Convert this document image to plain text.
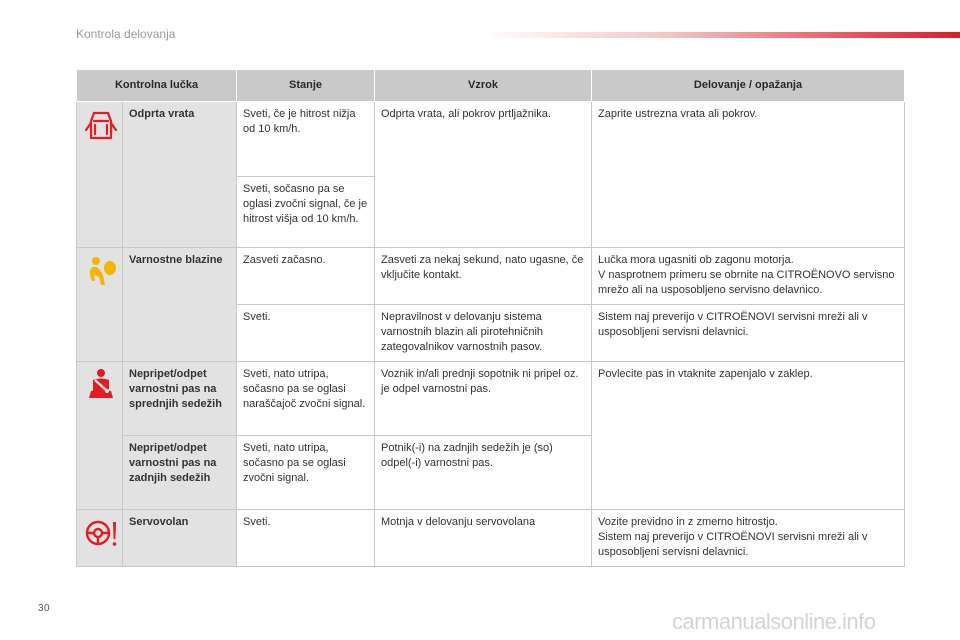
Kontrola delovanja
Kontrolna lučka		Stanje	Vzrok	Delovanje / opažanja
	Odprta vrata	Sveti, če je hitrost nižja od 10 km/h.	Odprta vrata, ali pokrov prtljažnika.	Zaprite ustrezna vrata ali pokrov.
		Sveti, sočasno pa se oglasi zvočni signal, če je hitrost višja od 10 km/h.		
	Varnostne blazine	Zasveti začasno.	Zasveti za nekaj sekund, nato ugasne, če vključite kontakt.	Lučka mora ugasniti ob zagonu motorja.
V nasprotnem primeru se obrnite na CITROËNOVO servisno mrežo ali na usposobljeno servisno delavnico.

		Sveti.	Nepravilnost v delovanju sistema varnostnih blazin ali pirotehničnih zategovalnikov varnostnih pasov.	Sistem naj preverijo v CITROËNOVI servisni mreži ali v usposobljeni servisni delavnici.
	Nepripet/odpet varnostni pas na sprednjih sedežih	Sveti, nato utripa, sočasno pa se oglasi naraščajoč zvočni signal.	Voznik in/ali prednji sopotnik ni pripel oz. je odpel varnostni pas.	Povlecite pas in vtaknite zapenjalo v zaklep.
	Nepripet/odpet varnostni pas na zadnjih sedežih	Sveti, nato utripa, sočasno pa se oglasi zvočni signal.	Potnik(-i) na zadnjih sedežih je (so) odpel(-i) varnostni pas.	
	Servovolan	Sveti.	Motnja v delovanju servovolana	Vozite previdno in z zmerno hitrostjo.
Sistem naj preverijo v CITROËNOVI servisni mreži ali v usposobljeni servisni delavnici.
30
carmanualsonline.info
